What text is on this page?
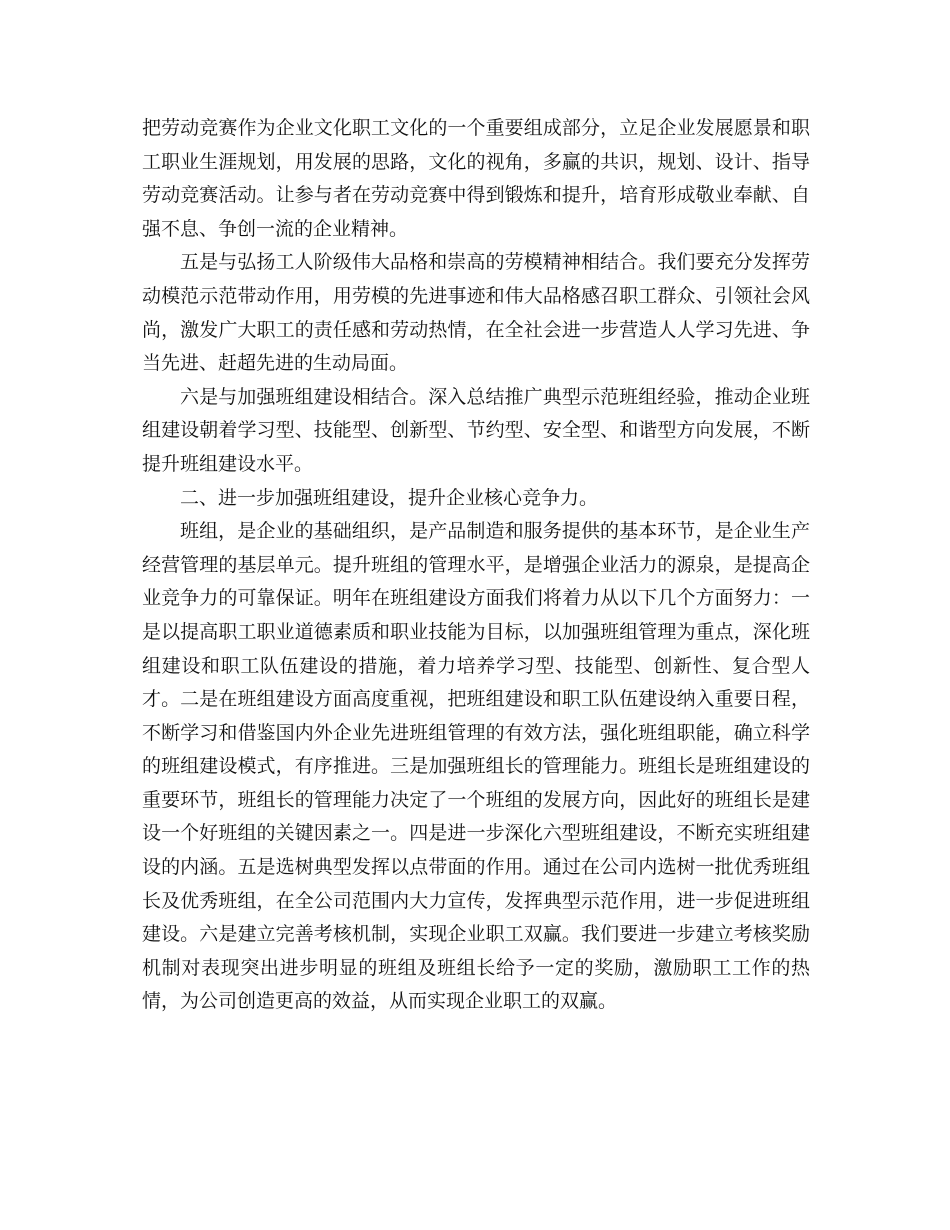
把劳动竞赛作为企业文化职工文化的一个重要组成部分，立足企业发展愿景和职工职业生涯规划，用发展的思路，文化的视角，多赢的共识，规划、设计、指导劳动竞赛活动。让参与者在劳动竞赛中得到锻炼和提升，培育形成敬业奉献、自强不息、争创一流的企业精神。

五是与弘扬工人阶级伟大品格和崇高的劳模精神相结合。我们要充分发挥劳动模范示范带动作用，用劳模的先进事迹和伟大品格感召职工群众、引领社会风尚，激发广大职工的责任感和劳动热情，在全社会进一步营造人人学习先进、争当先进、赶超先进的生动局面。

六是与加强班组建设相结合。深入总结推广典型示范班组经验，推动企业班组建设朝着学习型、技能型、创新型、节约型、安全型、和谐型方向发展，不断提升班组建设水平。

二、进一步加强班组建设，提升企业核心竞争力。

班组，是企业的基础组织，是产品制造和服务提供的基本环节，是企业生产经营管理的基层单元。提升班组的管理水平，是增强企业活力的源泉，是提高企业竞争力的可靠保证。明年在班组建设方面我们将着力从以下几个方面努力：一是以提高职工职业道德素质和职业技能为目标，以加强班组管理为重点，深化班组建设和职工队伍建设的措施，着力培养学习型、技能型、创新性、复合型人才。二是在班组建设方面高度重视，把班组建设和职工队伍建设纳入重要日程，不断学习和借鉴国内外企业先进班组管理的有效方法，强化班组职能，确立科学的班组建设模式，有序推进。三是加强班组长的管理能力。班组长是班组建设的重要环节，班组长的管理能力决定了一个班组的发展方向，因此好的班组长是建设一个好班组的关键因素之一。四是进一步深化六型班组建设，不断充实班组建设的内涵。五是选树典型发挥以点带面的作用。通过在公司内选树一批优秀班组长及优秀班组，在全公司范围内大力宣传，发挥典型示范作用，进一步促进班组建设。六是建立完善考核机制，实现企业职工双赢。我们要进一步建立考核奖励机制对表现突出进步明显的班组及班组长给予一定的奖励，激励职工工作的热情，为公司创造更高的效益，从而实现企业职工的双赢。
